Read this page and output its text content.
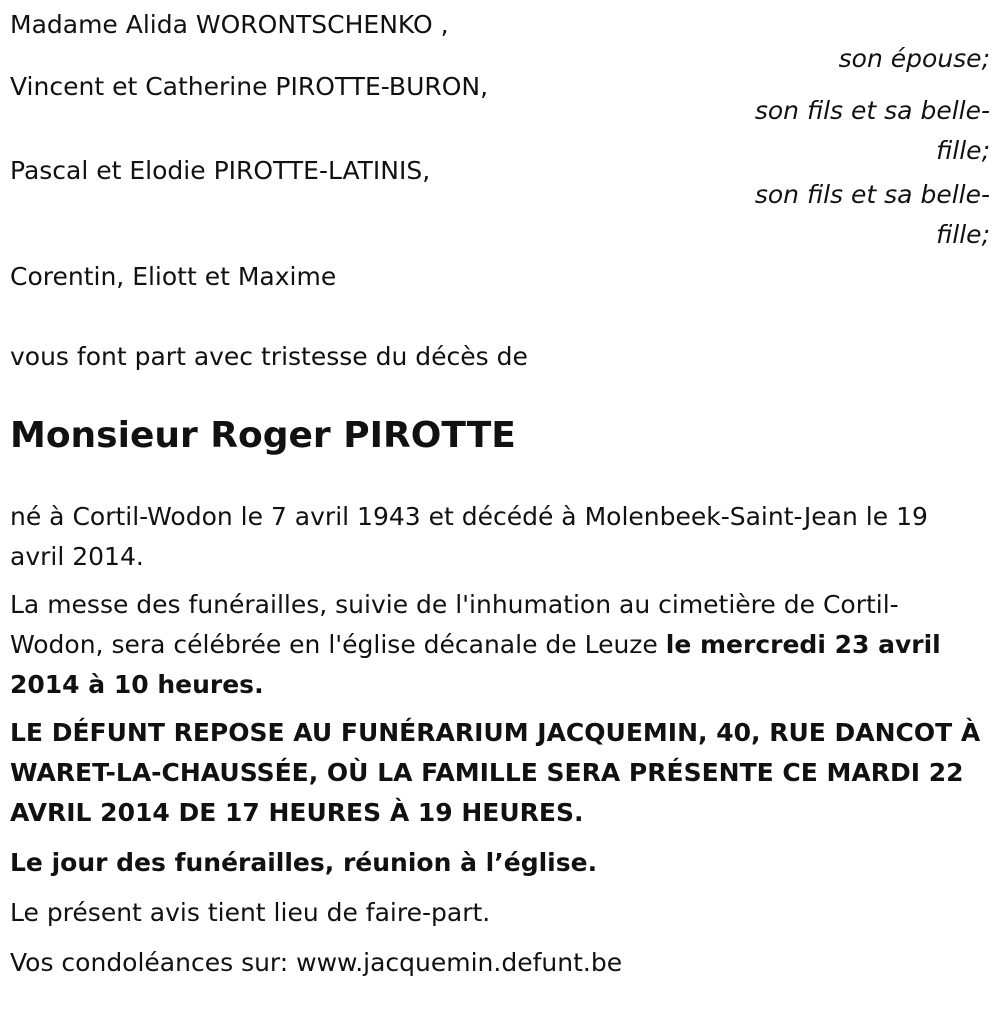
Madame Alida WORONTSCHENKO ,
son épouse;
Vincent et Catherine PIROTTE-BURON,
son fils et sa belle-
fille;
Pascal et Elodie PIROTTE-LATINIS,
son fils et sa belle-
fille;
Corentin, Eliott et Maxime
vous font part avec tristesse du décès de
Monsieur Roger PIROTTE
né à Cortil-Wodon le 7 avril 1943 et décédé à Molenbeek-Saint-Jean le 19 avril 2014.
La messe des funérailles, suivie de l'inhumation au cimetière de Cortil-Wodon, sera célébrée en l'église décanale de Leuze le mercredi 23 avril 2014 à 10 heures.
LE DÉFUNT REPOSE AU FUNÉRARIUM JACQUEMIN, 40, RUE DANCOT À WARET-LA-CHAUSSÉE, OÙ LA FAMILLE SERA PRÉSENTE CE MARDI 22 AVRIL 2014 DE 17 HEURES À 19 HEURES.
Le jour des funérailles, réunion à l’église.
Le présent avis tient lieu de faire-part.
Vos condoléances sur: www.jacquemin.defunt.be
